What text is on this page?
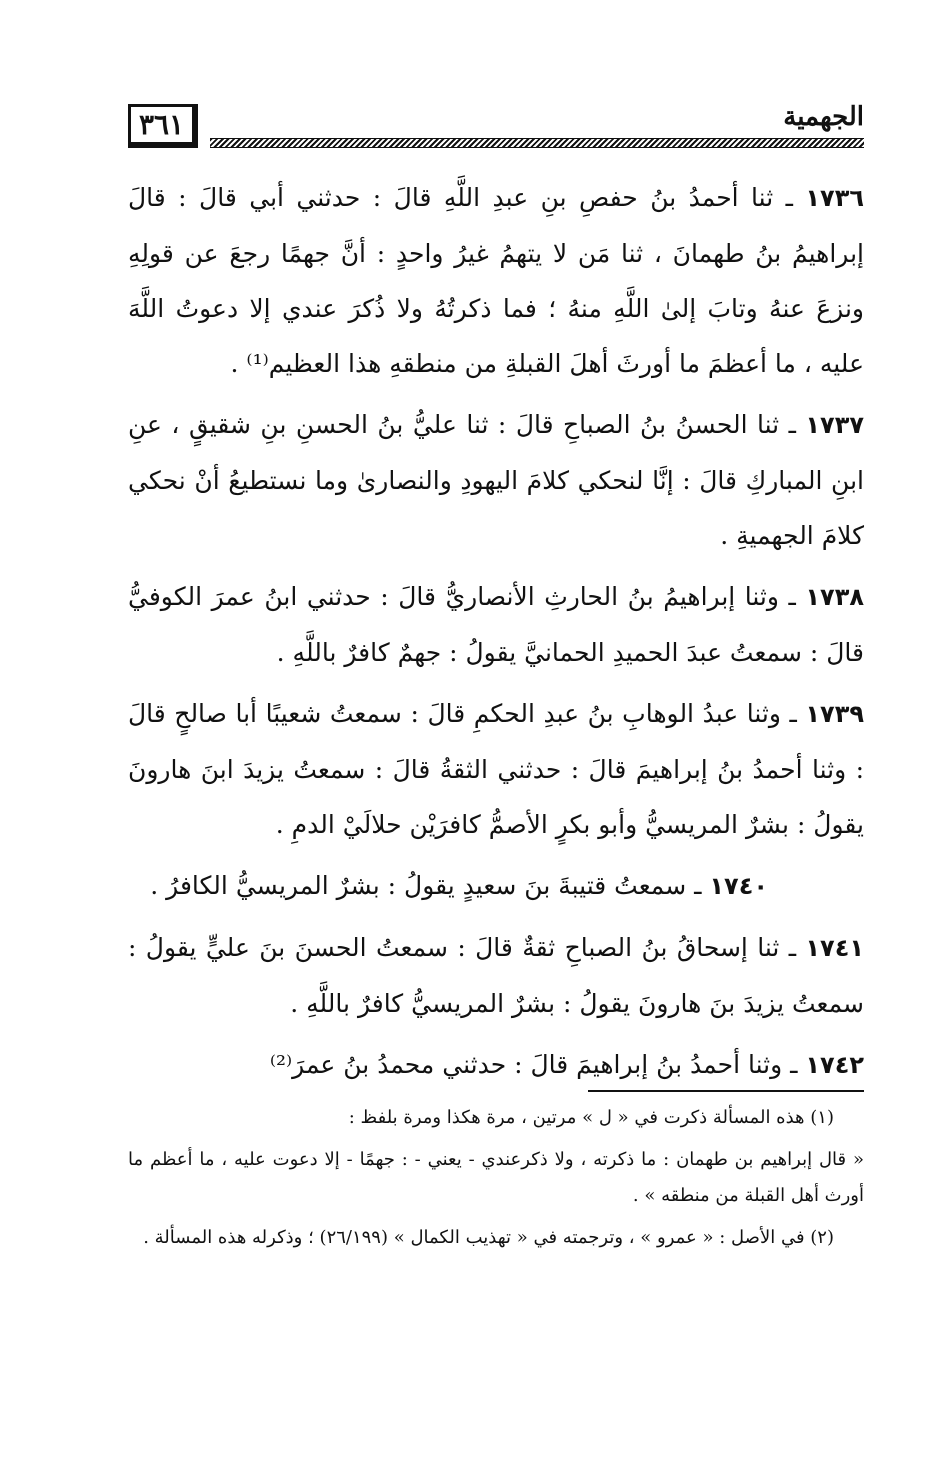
٣٦١	الجهمية

١٧٣٦ ـ ثنا أحمدُ بنُ حفصِ بنِ عبدِ اللَّهِ قالَ : حدثني أبي قالَ : قالَ إبراهيمُ بنُ طهمانَ ، ثنا مَن لا يتهمُ غيرُ واحدٍ : أنَّ جهمًا رجعَ عن قولِهِ ونزعَ عنهُ وتابَ إلىٰ اللَّهِ منهُ ؛ فما ذكرتُهُ ولا ذُكرَ عندي إلا دعوتُ اللَّهَ عليه ، ما أعظمَ ما أورثَ أهلَ القبلةِ من منطقهِ هذا العظيم⁽¹⁾ .

١٧٣٧ ـ ثنا الحسنُ بنُ الصباحِ قالَ : ثنا عليُّ بنُ الحسنِ بنِ شقيقٍ ، عنِ ابنِ المباركِ قالَ : إنَّا لنحكي كلامَ اليهودِ والنصارىٰ وما نستطيعُ أنْ نحكي كلامَ الجهميةِ .

١٧٣٨ ـ وثنا إبراهيمُ بنُ الحارثِ الأنصاريُّ قالَ : حدثني ابنُ عمرَ الكوفيُّ قالَ : سمعتُ عبدَ الحميدِ الحمانيَّ يقولُ : جهمٌ كافرٌ باللَّهِ .

١٧٣٩ ـ وثنا عبدُ الوهابِ بنُ عبدِ الحكمِ قالَ : سمعتُ شعيبًا أبا صالحٍ قالَ : وثنا أحمدُ بنُ إبراهيمَ قالَ : حدثني الثقةُ قالَ : سمعتُ يزيدَ ابنَ هارونَ يقولُ : بشرٌ المريسيُّ وأبو بكرٍ الأصمُّ كافرَيْن حلالَيْ الدمِ .

١٧٤٠ ـ سمعتُ قتيبةَ بنَ سعيدٍ يقولُ : بشرٌ المريسيُّ الكافرُ .

١٧٤١ ـ ثنا إسحاقُ بنُ الصباحِ ثقةٌ قالَ : سمعتُ الحسنَ بنَ عليٍّ يقولُ : سمعتُ يزيدَ بنَ هارونَ يقولُ : بشرٌ المريسيُّ كافرٌ باللَّهِ .

١٧٤٢ ـ وثنا أحمدُ بنُ إبراهيمَ قالَ : حدثني محمدُ بنُ عمرَ⁽²⁾

(١) هذه المسألة ذكرت في « ل » مرتين ، مرة هكذا ومرة بلفظ :

« قال إبراهيم بن طهمان : ما ذكرته ، ولا ذكرعندي - يعني - : جهمًا - إلا دعوت عليه ، ما أعظم ما أورث أهل القبلة من منطقه » .

(٢) في الأصل : « عمرو » ، وترجمته في « تهذيب الكمال » (٢٦/١٩٩) ؛ وذكرله هذه المسألة .
